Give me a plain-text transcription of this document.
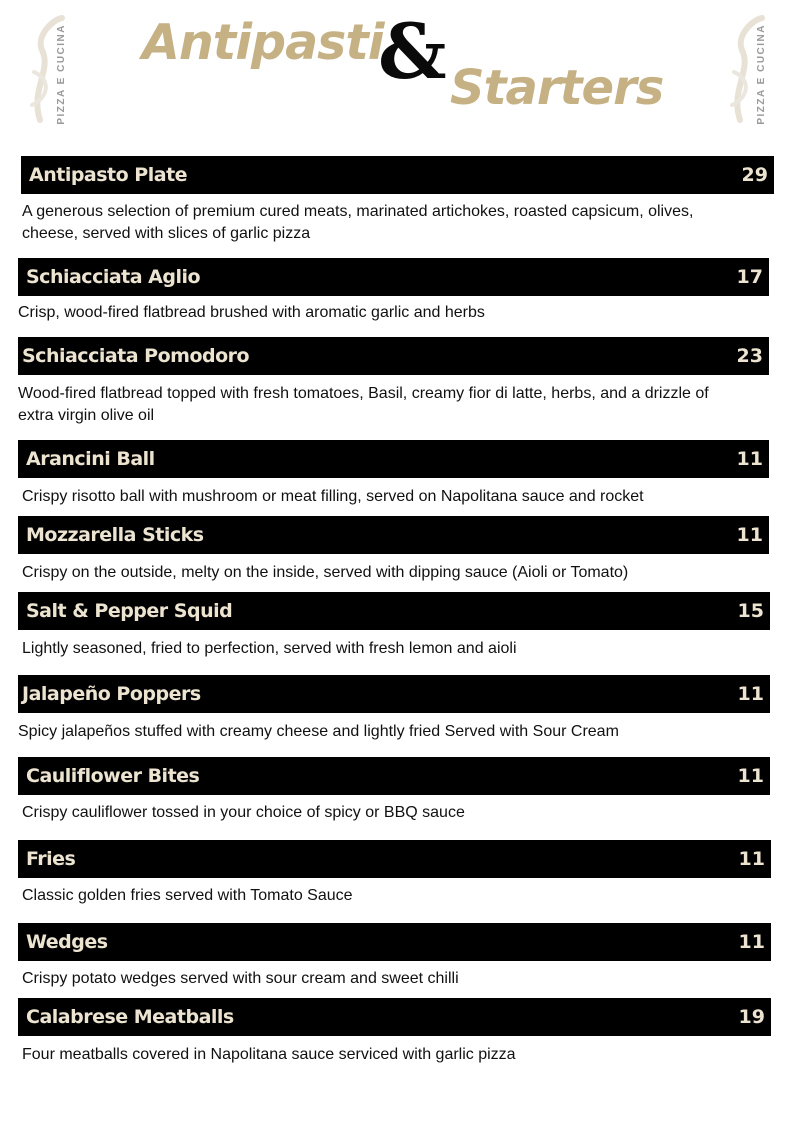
PIZZA E CUCINA Antipasti
& Starters	PIZZA E CUCINA
Antipasto Plate	29
A generous selection of premium cured meats, marinated artichokes, roasted capsicum, olives, cheese, served with slices of garlic pizza
Schiacciata Aglio	17
Crisp, wood-fired flatbread brushed with aromatic garlic and herbs
Schiacciata Pomodoro	23
Wood-fired flatbread topped with fresh tomatoes, Basil, creamy fior di latte, herbs, and a drizzle of extra virgin olive oil
Arancini Ball	11
Crispy risotto ball with mushroom or meat filling, served on Napolitana sauce and rocket
Mozzarella Sticks	11
Crispy on the outside, melty on the inside, served with dipping sauce (Aioli or Tomato)
Salt & Pepper Squid	15
Lightly seasoned, fried to perfection, served with fresh lemon and aioli
Jalapeño Poppers	11
Spicy jalapeños stuffed with creamy cheese and lightly fried Served with Sour Cream
Cauliflower Bites	11
Crispy cauliflower tossed in your choice of spicy or BBQ sauce
Fries	11
Classic golden fries served with Tomato Sauce
Wedges	11
Crispy potato wedges served with sour cream and sweet chilli
Calabrese Meatballs	19
Four meatballs covered in Napolitana sauce serviced with garlic pizza
